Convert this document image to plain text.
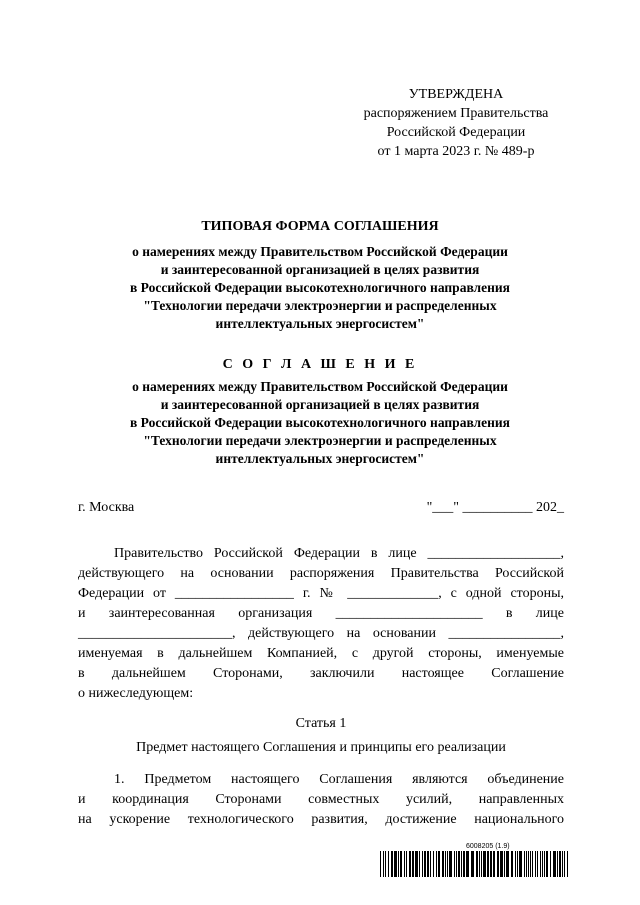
УТВЕРЖДЕНА
распоряжением Правительства
Российской Федерации
от 1 марта 2023 г. № 489-р
ТИПОВАЯ ФОРМА СОГЛАШЕНИЯ
о намерениях между Правительством Российской Федерации
и заинтересованной организацией в целях развития
в Российской Федерации высокотехнологичного направления
"Технологии передачи электроэнергии и распределенных
интеллектуальных энергосистем"
С О Г Л А Ш Е Н И Е
о намерениях между Правительством Российской Федерации
и заинтересованной организацией в целях развития
в Российской Федерации высокотехнологичного направления
"Технологии передачи электроэнергии и распределенных
интеллектуальных энергосистем"
г. Москва	"___" __________ 202_
Правительство Российской Федерации в лице ___________________,
действующего на основании распоряжения Правительства Российской
Федерации от _________________ г. № _____________, с одной стороны,
и заинтересованная организация _____________________ в лице
______________________, действующего на основании ________________,
именуемая в дальнейшем Компанией, с другой стороны, именуемые
в дальнейшем Сторонами, заключили настоящее Соглашение
о нижеследующем:
Статья 1
Предмет настоящего Соглашения и принципы его реализации
1. Предметом настоящего Соглашения являются объединение
и координация Сторонами совместных усилий, направленных
на ускорение технологического развития, достижение национального
6008205 (1.9)
